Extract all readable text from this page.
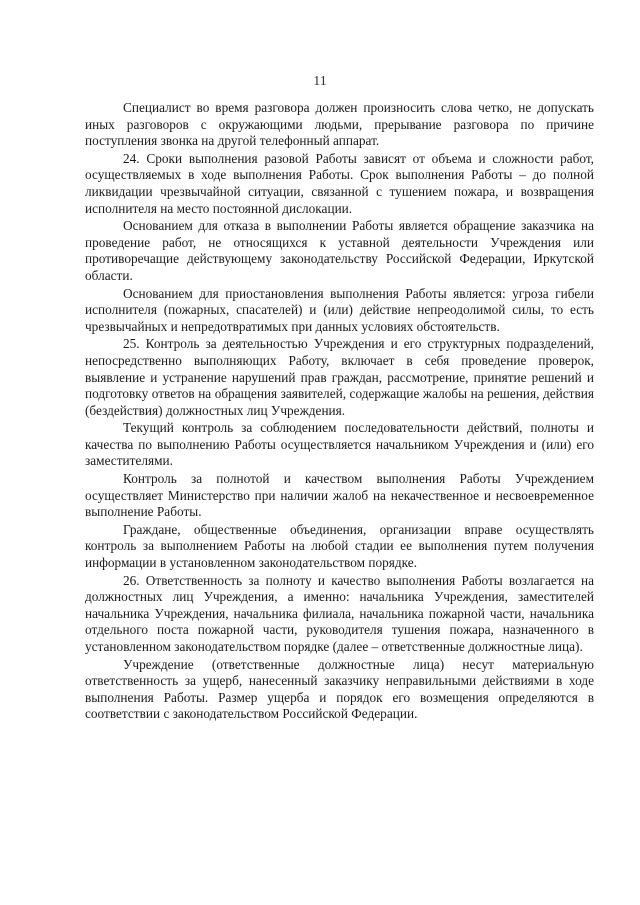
11

Специалист во время разговора должен произносить слова четко, не допускать иных разговоров с окружающими людьми, прерывание разговора по причине поступления звонка на другой телефонный аппарат.

24. Сроки выполнения разовой Работы зависят от объема и сложности работ, осуществляемых в ходе выполнения Работы. Срок выполнения Работы – до полной ликвидации чрезвычайной ситуации, связанной с тушением пожара, и возвращения исполнителя на место постоянной дислокации.

Основанием для отказа в выполнении Работы является обращение заказчика на проведение работ, не относящихся к уставной деятельности Учреждения или противоречащие действующему законодательству Российской Федерации, Иркутской области.

Основанием для приостановления выполнения Работы является: угроза гибели исполнителя (пожарных, спасателей) и (или) действие непреодолимой силы, то есть чрезвычайных и непредотвратимых при данных условиях обстоятельств.

25. Контроль за деятельностью Учреждения и его структурных подразделений, непосредственно выполняющих Работу, включает в себя проведение проверок, выявление и устранение нарушений прав граждан, рассмотрение, принятие решений и подготовку ответов на обращения заявителей, содержащие жалобы на решения, действия (бездействия) должностных лиц Учреждения.

Текущий контроль за соблюдением последовательности действий, полноты и качества по выполнению Работы осуществляется начальником Учреждения и (или) его заместителями.

Контроль за полнотой и качеством выполнения Работы Учреждением осуществляет Министерство при наличии жалоб на некачественное и несвоевременное выполнение Работы.

Граждане, общественные объединения, организации вправе осуществлять контроль за выполнением Работы на любой стадии ее выполнения путем получения информации в установленном законодательством порядке.

26. Ответственность за полноту и качество выполнения Работы возлагается на должностных лиц Учреждения, а именно: начальника Учреждения, заместителей начальника Учреждения, начальника филиала, начальника пожарной части, начальника отдельного поста пожарной части, руководителя тушения пожара, назначенного в установленном законодательством порядке (далее – ответственные должностные лица).

Учреждение (ответственные должностные лица) несут материальную ответственность за ущерб, нанесенный заказчику неправильными действиями в ходе выполнения Работы. Размер ущерба и порядок его возмещения определяются в соответствии с законодательством Российской Федерации.
